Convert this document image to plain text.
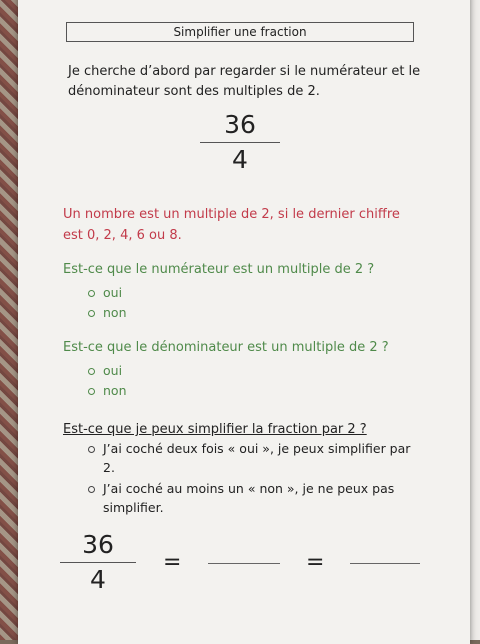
Simplifier une fraction
Je cherche d’abord par regarder si le numérateur et le dénominateur sont des multiples de 2.
36
4
Un nombre est un multiple de 2, si le dernier chiffre est 0, 2, 4, 6 ou 8.
Est-ce que le numérateur est un multiple de 2 ?
oui
non
Est-ce que le dénominateur est un multiple de 2 ?
oui
non
Est-ce que je peux simplifier la fraction par 2 ?
J’ai coché deux fois « oui », je peux simplifier par 2.
J’ai coché au moins un « non », je ne peux pas simplifier.
36
4
=	=
